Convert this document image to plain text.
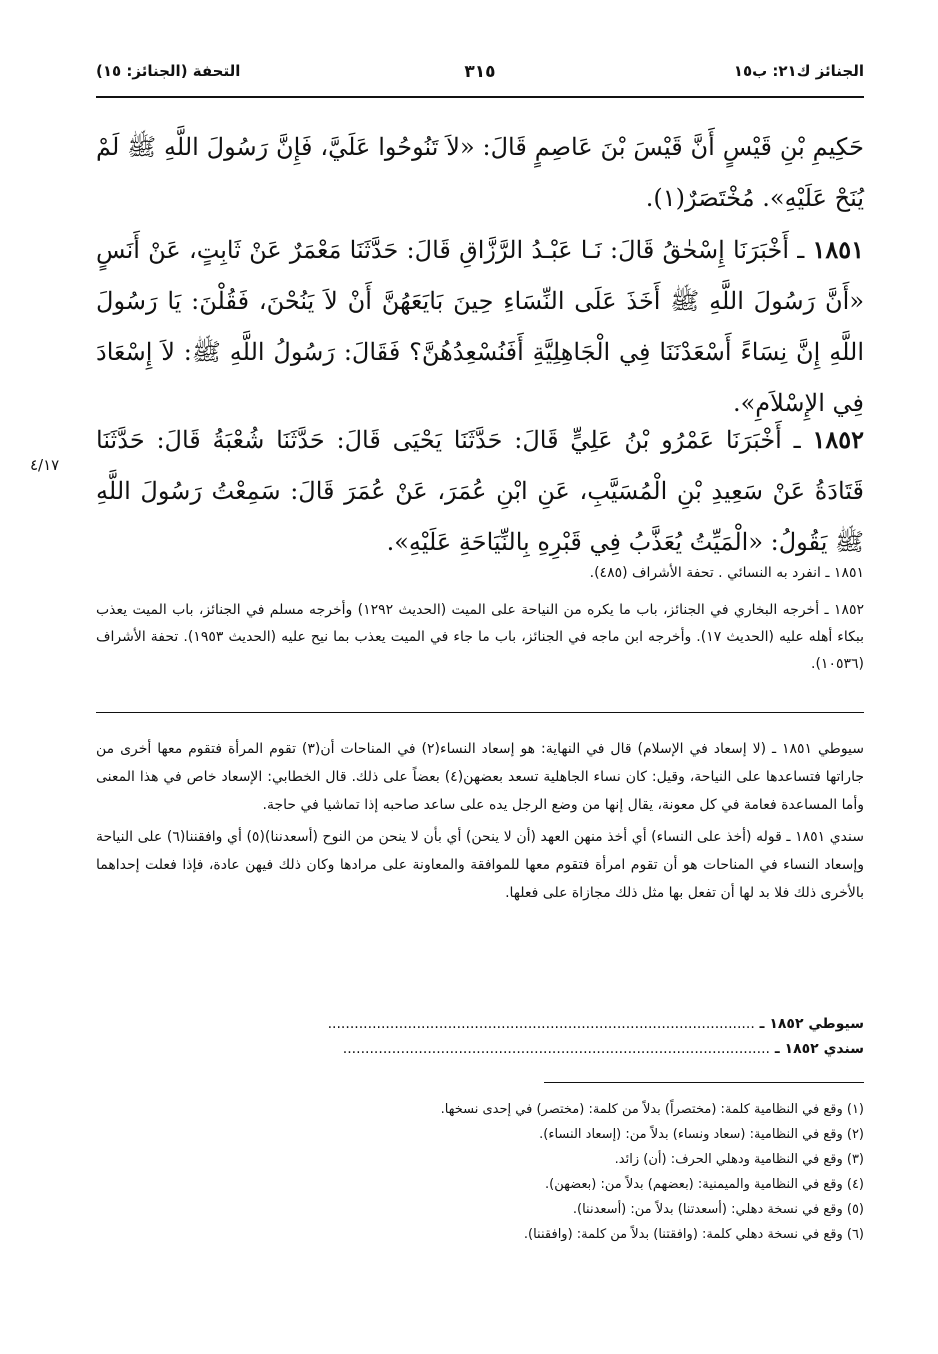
الجنائز ك٢١: ب١٥
٣١٥
التحفة (الجنائز: ١٥)
حَكِيمِ بْنِ قَيْسٍ أَنَّ قَيْسَ بْنَ عَاصِمٍ قَالَ: «لاَ تَنُوحُوا عَلَيَّ، فَإِنَّ رَسُولَ اللَّهِ ﷺ لَمْ يُنَحْ عَلَيْهِ». مُخْتَصَرٌ(١).
١٨٥١ ـ أَخْبَرَنَا إِسْحٰقُ قَالَ: نَـا عَبْـدُ الرَّزَّاقِ قَالَ: حَدَّثَنَا مَعْمَرٌ عَنْ ثَابِتٍ، عَنْ أَنَسٍ «أَنَّ رَسُولَ اللَّهِ ﷺ أَخَذَ عَلَى النِّسَاءِ حِينَ بَايَعَهُنَّ أَنْ لاَ يَنُحْنَ، فَقُلْنَ: يَا رَسُولَ اللَّهِ إِنَّ نِسَاءً أَسْعَدْنَنَا فِي الْجَاهِلِيَّةِ أَفَنُسْعِدُهُنَّ؟ فَقَالَ: رَسُولُ اللَّهِ ﷺ: لاَ إِسْعَادَ فِي الإِسْلاَمِ».
١٨٥٢ ـ أَخْبَرَنَا عَمْرُو بْنُ عَلِيٍّ قَالَ: حَدَّثَنَا يَحْيَى قَالَ: حَدَّثَنَا شُعْبَةُ قَالَ: حَدَّثَنَا قَتَادَةُ عَنْ سَعِيدِ بْنِ الْمُسَيَّبِ، عَنِ ابْنِ عُمَرَ، عَنْ عُمَرَ قَالَ: سَمِعْتُ رَسُولَ اللَّهِ ﷺ يَقُولُ: «الْمَيِّتُ يُعَذَّبُ فِي قَبْرِهِ بِالنِّيَاحَةِ عَلَيْهِ».
٤/١٧

١٨٥١ ـ انفرد به النسائي . تحفة الأشراف (٤٨٥).

١٨٥٢ ـ أخرجه البخاري في الجنائز، باب ما يكره من النياحة على الميت (الحديث ١٢٩٢) وأخرجه مسلم في الجنائز، باب الميت يعذب ببكاء أهله عليه (الحديث ١٧). وأخرجه ابن ماجه في الجنائز، باب ما جاء في الميت يعذب بما نيح عليه (الحديث ١٩٥٣). تحفة الأشراف (١٠٥٣٦).

سيوطي ١٨٥١ ـ (لا إسعاد في الإسلام) قال في النهاية: هو إسعاد النساء(٢) في المناحات أن(٣) تقوم المرأة فتقوم معها أخرى من جاراتها فتساعدها على النياحة، وقيل: كان نساء الجاهلية تسعد بعضهن(٤) بعضاً على ذلك. قال الخطابي: الإسعاد خاص في هذا المعنى وأما المساعدة فعامة في كل معونة، يقال إنها من وضع الرجل يده على ساعد صاحبه إذا تماشيا في حاجة.

سندي ١٨٥١ ـ قوله (أخذ على النساء) أي أخذ منهن العهد (أن لا ينحن) أي بأن لا ينحن من النوح (أسعدننا)(٥) أي وافقننا(٦) على النياحة وإسعاد النساء في المناحات هو أن تقوم امرأة فتقوم معها للموافقة والمعاونة على مرادها وكان ذلك فيهن عادة، فإذا فعلت إحداهما بالأخرى ذلك فلا بد لها أن تفعل بها مثل ذلك مجازاة على فعلها.

سيوطي ١٨٥٢ ـ ................................................................................................
سندي ١٨٥٢ ـ ................................................................................................
(١) وقع في النظامية كلمة: (مختصراً) بدلاً من كلمة: (مختصر) في إحدى نسخها.
(٢) وقع في النظامية: (سعاد ونساء) بدلاً من: (إسعاد النساء).
(٣) وقع في النظامية ودهلي الحرف: (أن) زائد.
(٤) وقع في النظامية والميمنية: (بعضهم) بدلاً من: (بعضهن).
(٥) وقع في نسخة دهلي: (أسعدتنا) بدلاً من: (أسعدننا).
(٦) وقع في نسخة دهلي كلمة: (وافقتنا) بدلاً من كلمة: (وافقننا).
